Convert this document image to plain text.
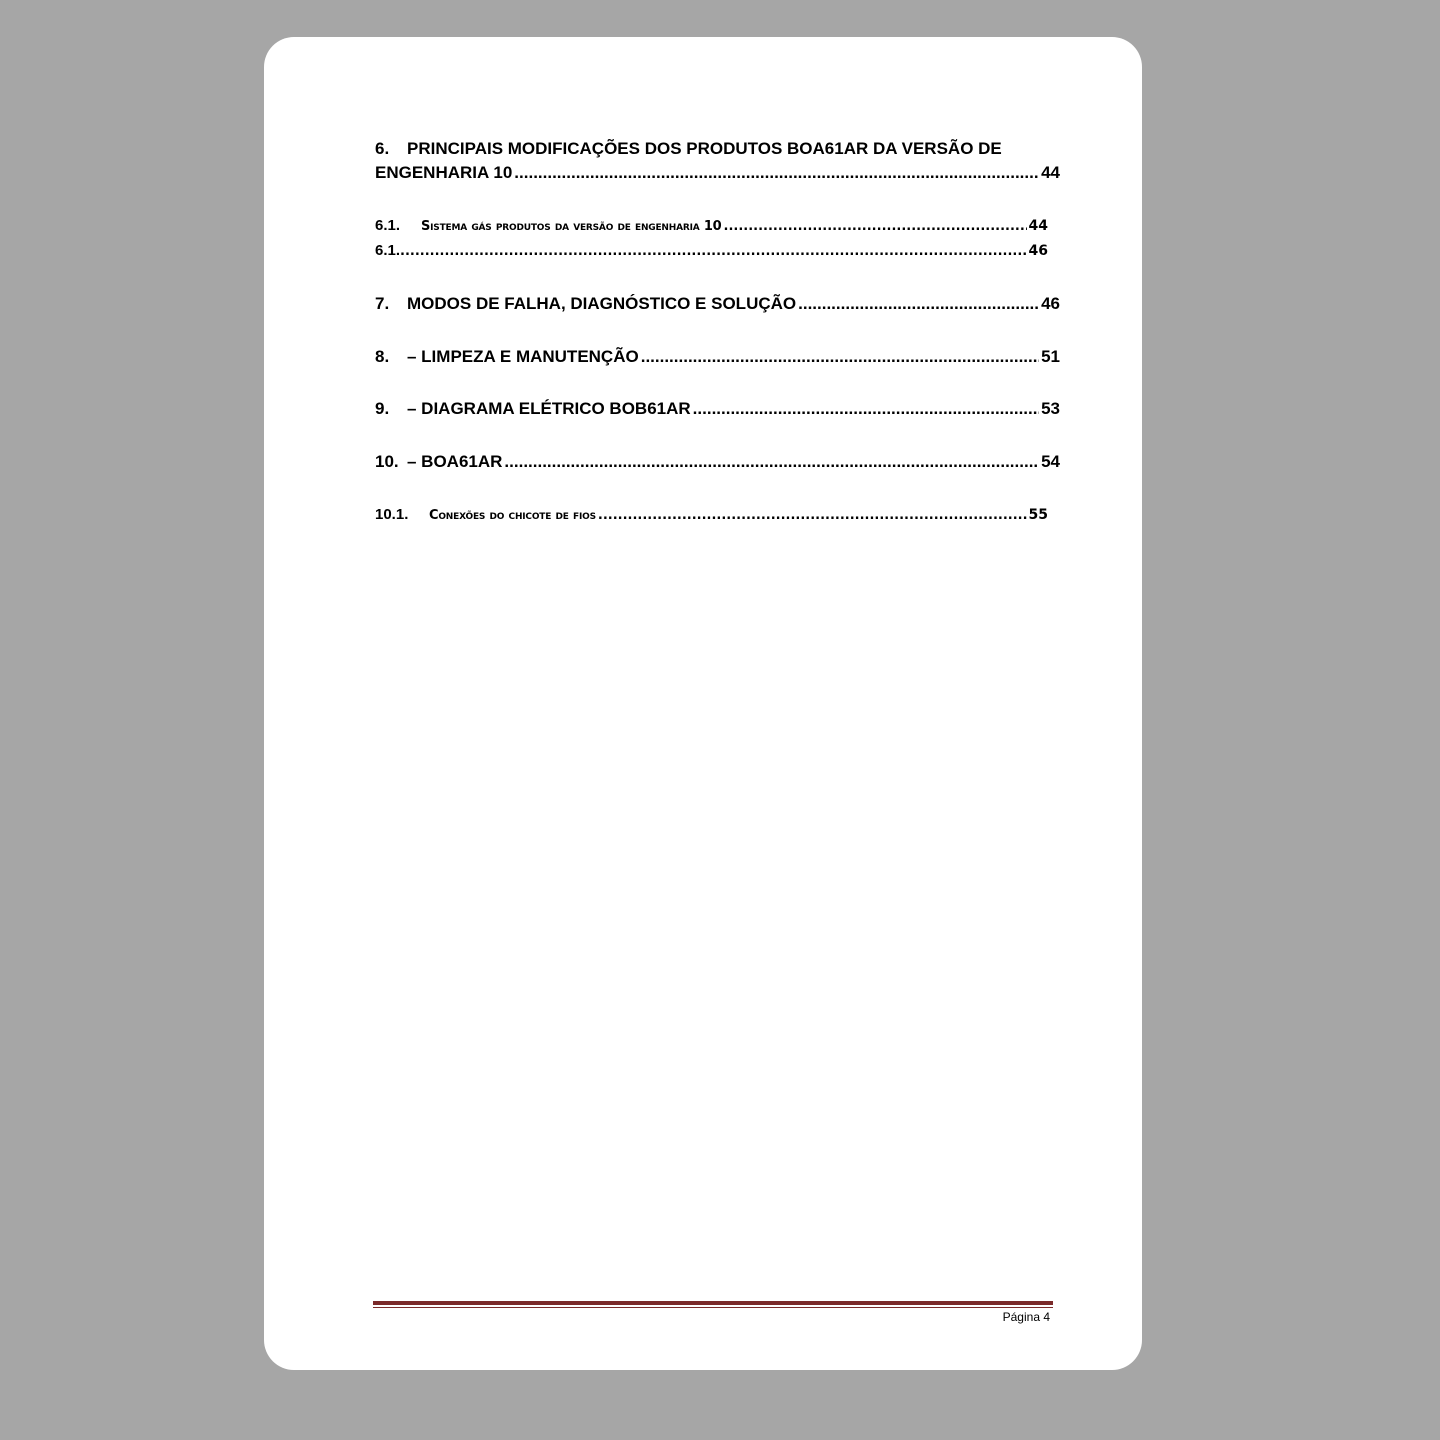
6. PRINCIPAIS MODIFICAÇÕES DOS PRODUTOS BOA61AR DA VERSÃO DE
ENGENHARIA 10 .....	44
6.1.	Sistema gás produtos da versão de engenharia 10 .....	44
6.1. .....	46
7.	MODOS DE FALHA, DIAGNÓSTICO E SOLUÇÃO .....	46
8.	– LIMPEZA E MANUTENÇÃO .....	51
9.	– DIAGRAMA ELÉTRICO BOB61AR .....	53
10. – BOA61AR .....	54
10.1.	Conexões do chicote de fios .....	55
Página 4
